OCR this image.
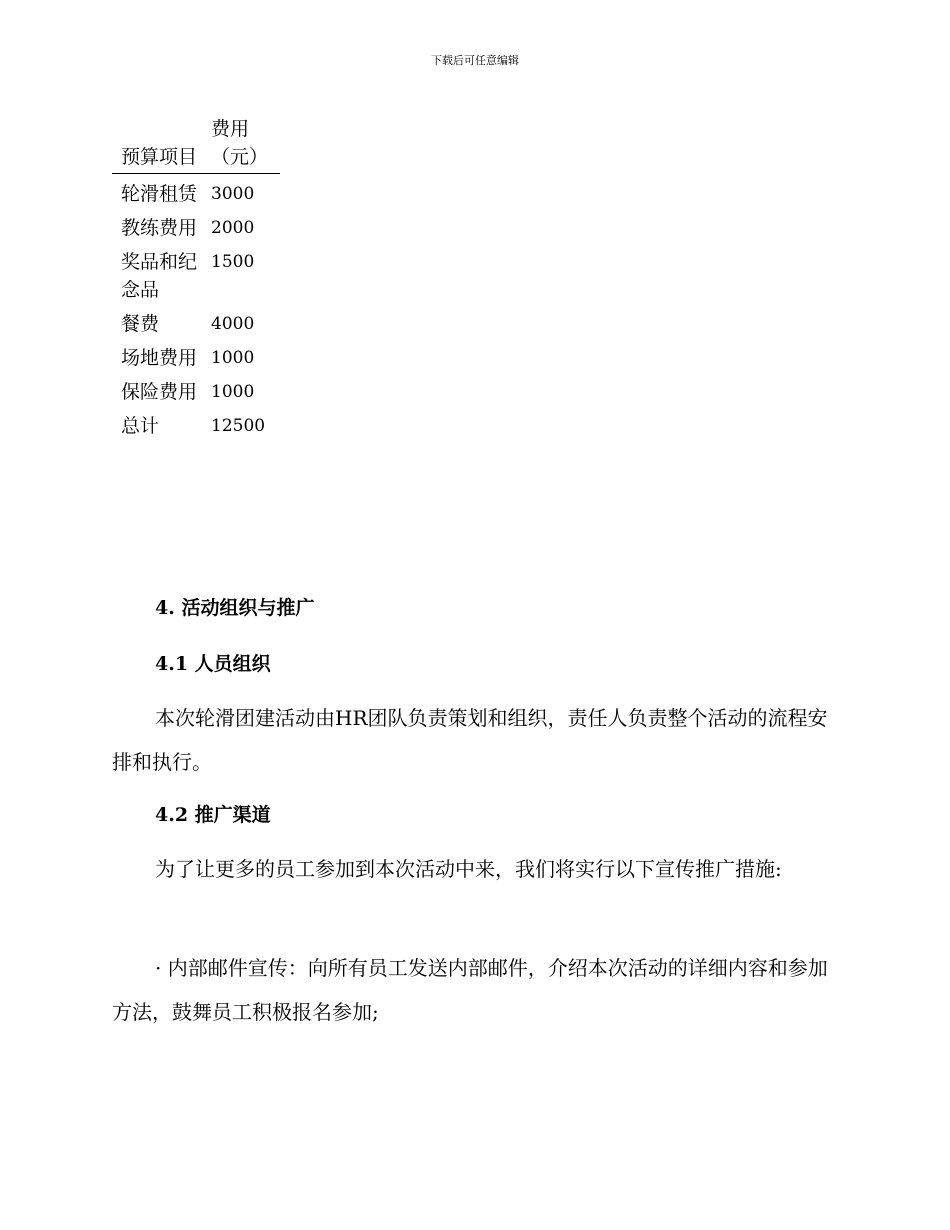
下载后可任意编辑
预算项目	费用（元）
轮滑租赁	3000
教练费用	2000
奖品和纪念品	1500
餐费	4000
场地费用	1000
保险费用	1000
总计	12500
4. 活动组织与推广
4.1 人员组织

本次轮滑团建活动由HR团队负责策划和组织，责任人负责整个活动的流程安排和执行。

4.2 推广渠道

为了让更多的员工参加到本次活动中来，我们将实行以下宣传推广措施:

· 内部邮件宣传：向所有员工发送内部邮件，介绍本次活动的详细内容和参加方法，鼓舞员工积极报名参加;
